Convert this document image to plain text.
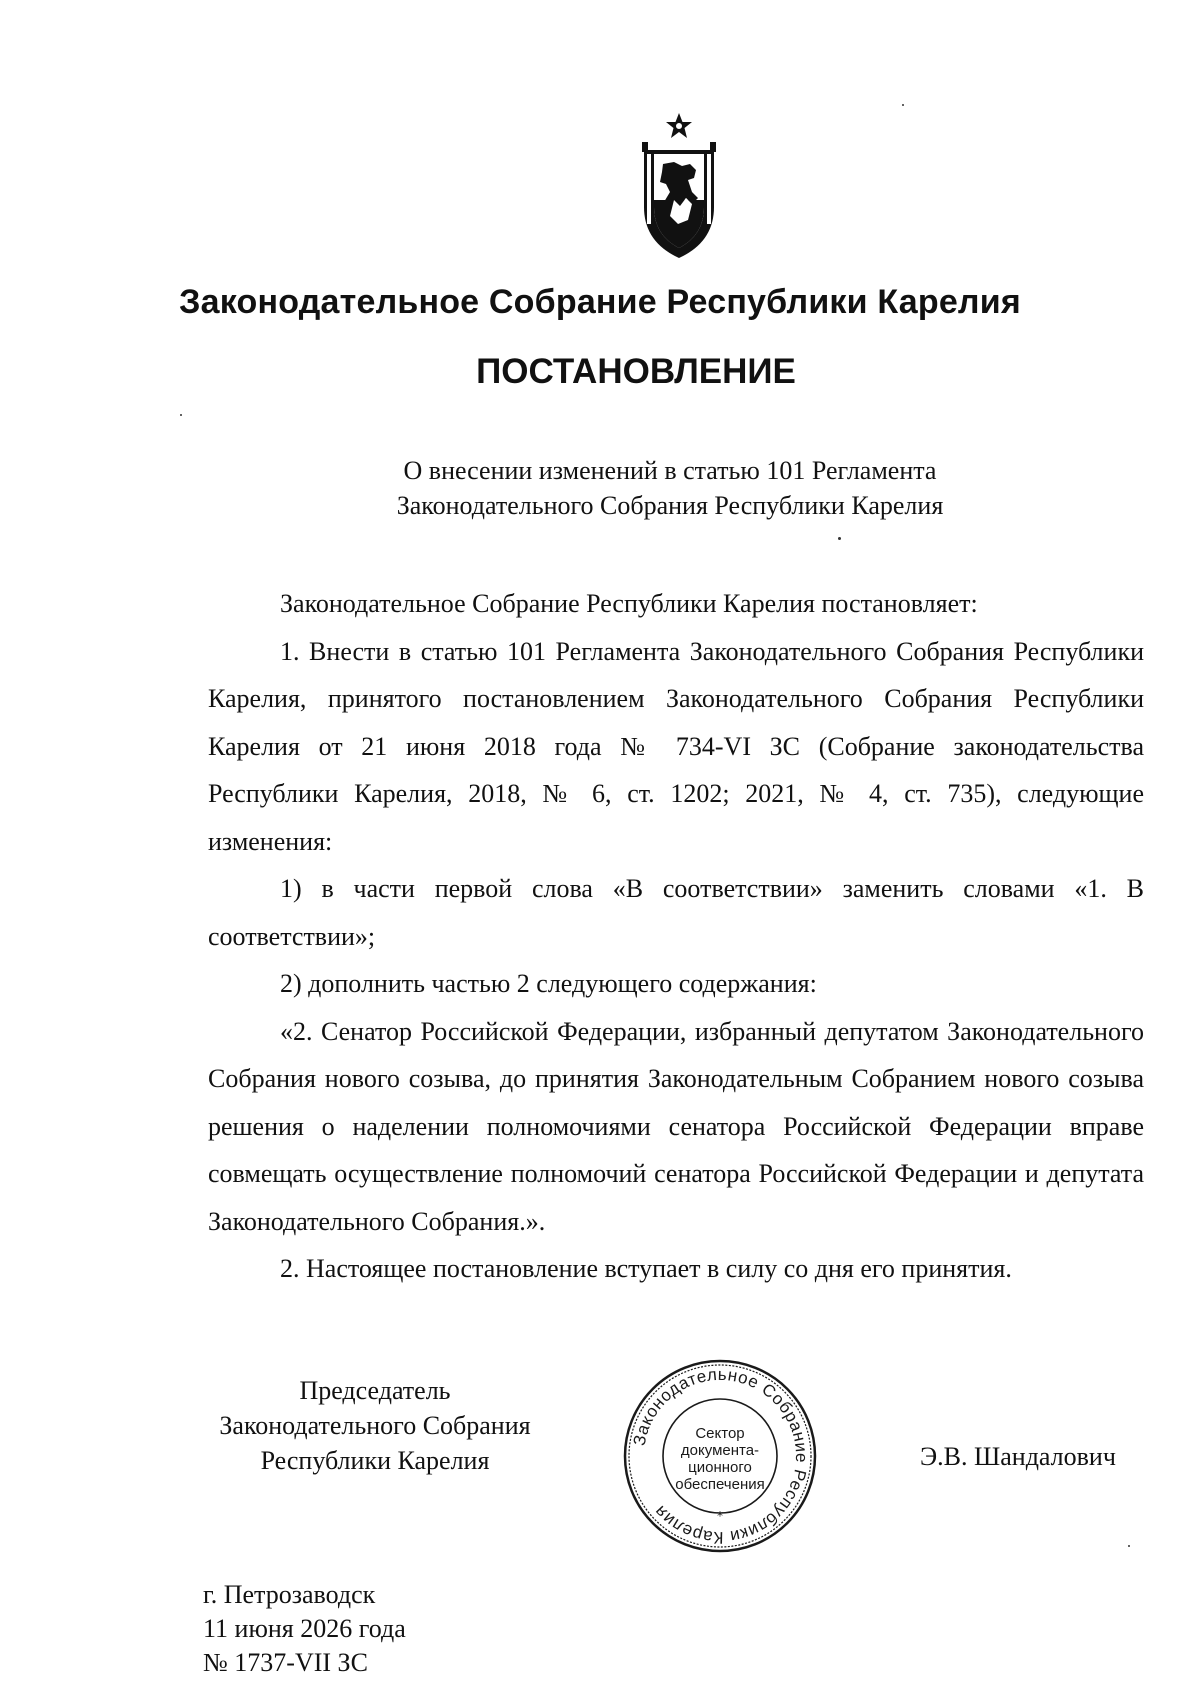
Законодательное Собрание Республики Карелия
ПОСТАНОВЛЕНИЕ
О внесении изменений в статью 101 Регламента
Законодательного Собрания Республики Карелия

Законодательное Собрание Республики Карелия постановляет:

1. Внести в статью 101 Регламента Законодательного Собрания Республики Карелия, принятого постановлением Законодательного Собрания Республики Карелия от 21 июня 2018 года № 734-VI ЗС (Собрание законодательства Республики Карелия, 2018, № 6, ст. 1202; 2021, № 4, ст. 735), следующие изменения:

1) в части первой слова «В соответствии» заменить словами «1. В соответствии»;

2) дополнить частью 2 следующего содержания:

«2. Сенатор Российской Федерации, избранный депутатом Законодательного Собрания нового созыва, до принятия Законодательным Собранием нового созыва решения о наделении полномочиями сенатора Российской Федерации вправе совмещать осуществление полномочий сенатора Российской Федерации и депутата Законодательного Собрания.».

2. Настоящее постановление вступает в силу со дня его принятия.

Председатель
Законодательного Собрания
Республики Карелия
Законодательное Собрание Республики Карелия	*
Сектор
документа-
ционного
обеспечения
Э.В. Шандалович
г. Петрозаводск
11 июня 2026 года
№ 1737-VII ЗС
